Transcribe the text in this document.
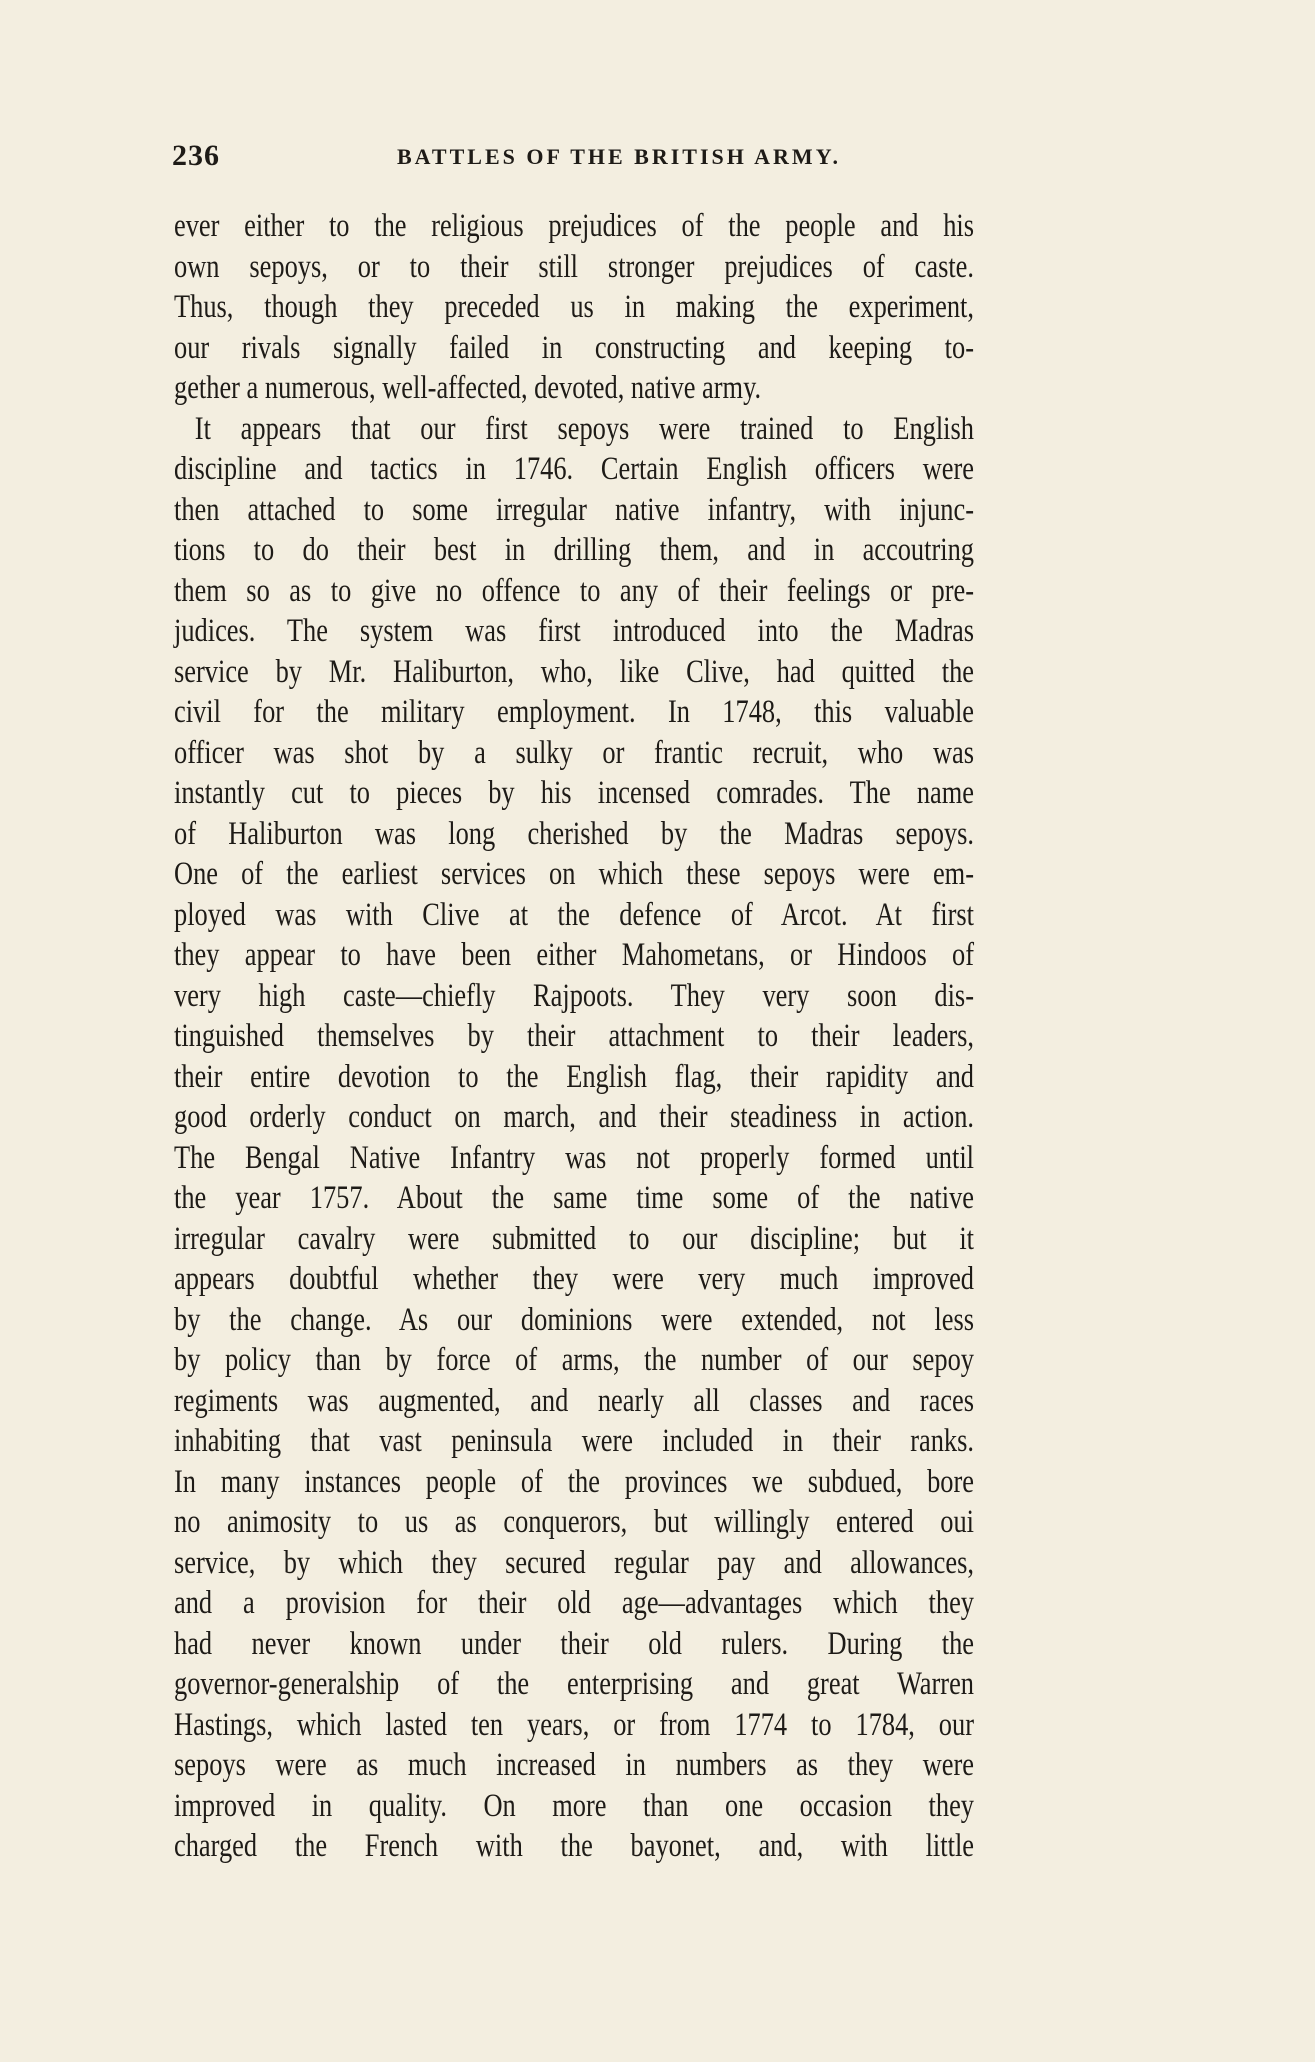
236	BATTLES OF THE BRITISH ARMY.
ever either to the religious prejudices of the people and his
own sepoys, or to their still stronger prejudices of caste.
Thus, though they preceded us in making the experiment,
our rivals signally failed in constructing and keeping to-
gether a numerous, well-affected, devoted, native army.
It appears that our first sepoys were trained to English
discipline and tactics in 1746. Certain English officers were
then attached to some irregular native infantry, with injunc-
tions to do their best in drilling them, and in accoutring
them so as to give no offence to any of their feelings or pre-
judices. The system was first introduced into the Madras
service by Mr. Haliburton, who, like Clive, had quitted the
civil for the military employment. In 1748, this valuable
officer was shot by a sulky or frantic recruit, who was
instantly cut to pieces by his incensed comrades. The name
of Haliburton was long cherished by the Madras sepoys.
One of the earliest services on which these sepoys were em-
ployed was with Clive at the defence of Arcot. At first
they appear to have been either Mahometans, or Hindoos of
very high caste—chiefly Rajpoots. They very soon dis-
tinguished themselves by their attachment to their leaders,
their entire devotion to the English flag, their rapidity and
good orderly conduct on march, and their steadiness in action.
The Bengal Native Infantry was not properly formed until
the year 1757. About the same time some of the native
irregular cavalry were submitted to our discipline; but it
appears doubtful whether they were very much improved
by the change. As our dominions were extended, not less
by policy than by force of arms, the number of our sepoy
regiments was augmented, and nearly all classes and races
inhabiting that vast peninsula were included in their ranks.
In many instances people of the provinces we subdued, bore
no animosity to us as conquerors, but willingly entered oui
service, by which they secured regular pay and allowances,
and a provision for their old age—advantages which they
had never known under their old rulers. During the
governor-generalship of the enterprising and great Warren
Hastings, which lasted ten years, or from 1774 to 1784, our
sepoys were as much increased in numbers as they were
improved in quality. On more than one occasion they
charged the French with the bayonet, and, with little
